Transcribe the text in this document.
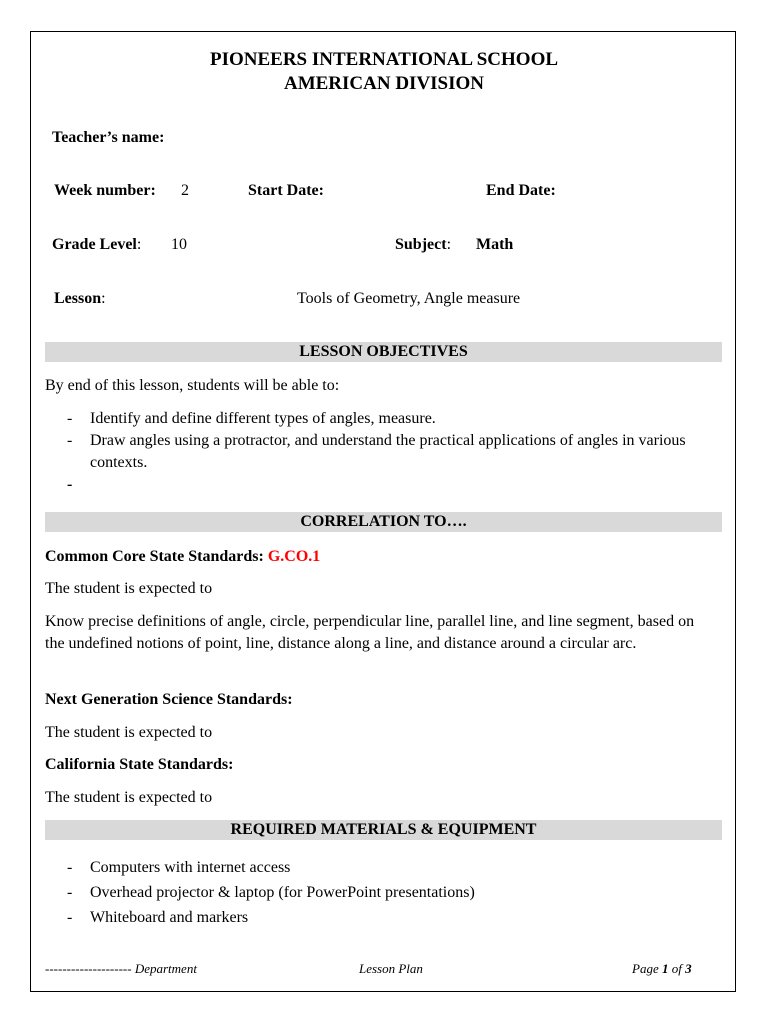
PIONEERS INTERNATIONAL SCHOOL
AMERICAN DIVISION
Teacher’s name:
Week number: 2	Start Date:	End Date:
Grade Level: 10	Subject: Math
Lesson:	Tools of Geometry, Angle measure
LESSON OBJECTIVES
By end of this lesson, students will be able to:
- Identify and define different types of angles, measure.
- Draw angles using a protractor, and understand the practical applications of angles in various contexts.
-
CORRELATION TO….
Common Core State Standards: G.CO.1
The student is expected to
Know precise definitions of angle, circle, perpendicular line, parallel line, and line segment, based on the undefined notions of point, line, distance along a line, and distance around a circular arc.
Next Generation Science Standards:
The student is expected to
California State Standards:
The student is expected to
REQUIRED MATERIALS & EQUIPMENT
- Computers with internet access
- Overhead projector & laptop (for PowerPoint presentations)
- Whiteboard and markers
-------------------- Department	Lesson Plan	Page 1 of 3
